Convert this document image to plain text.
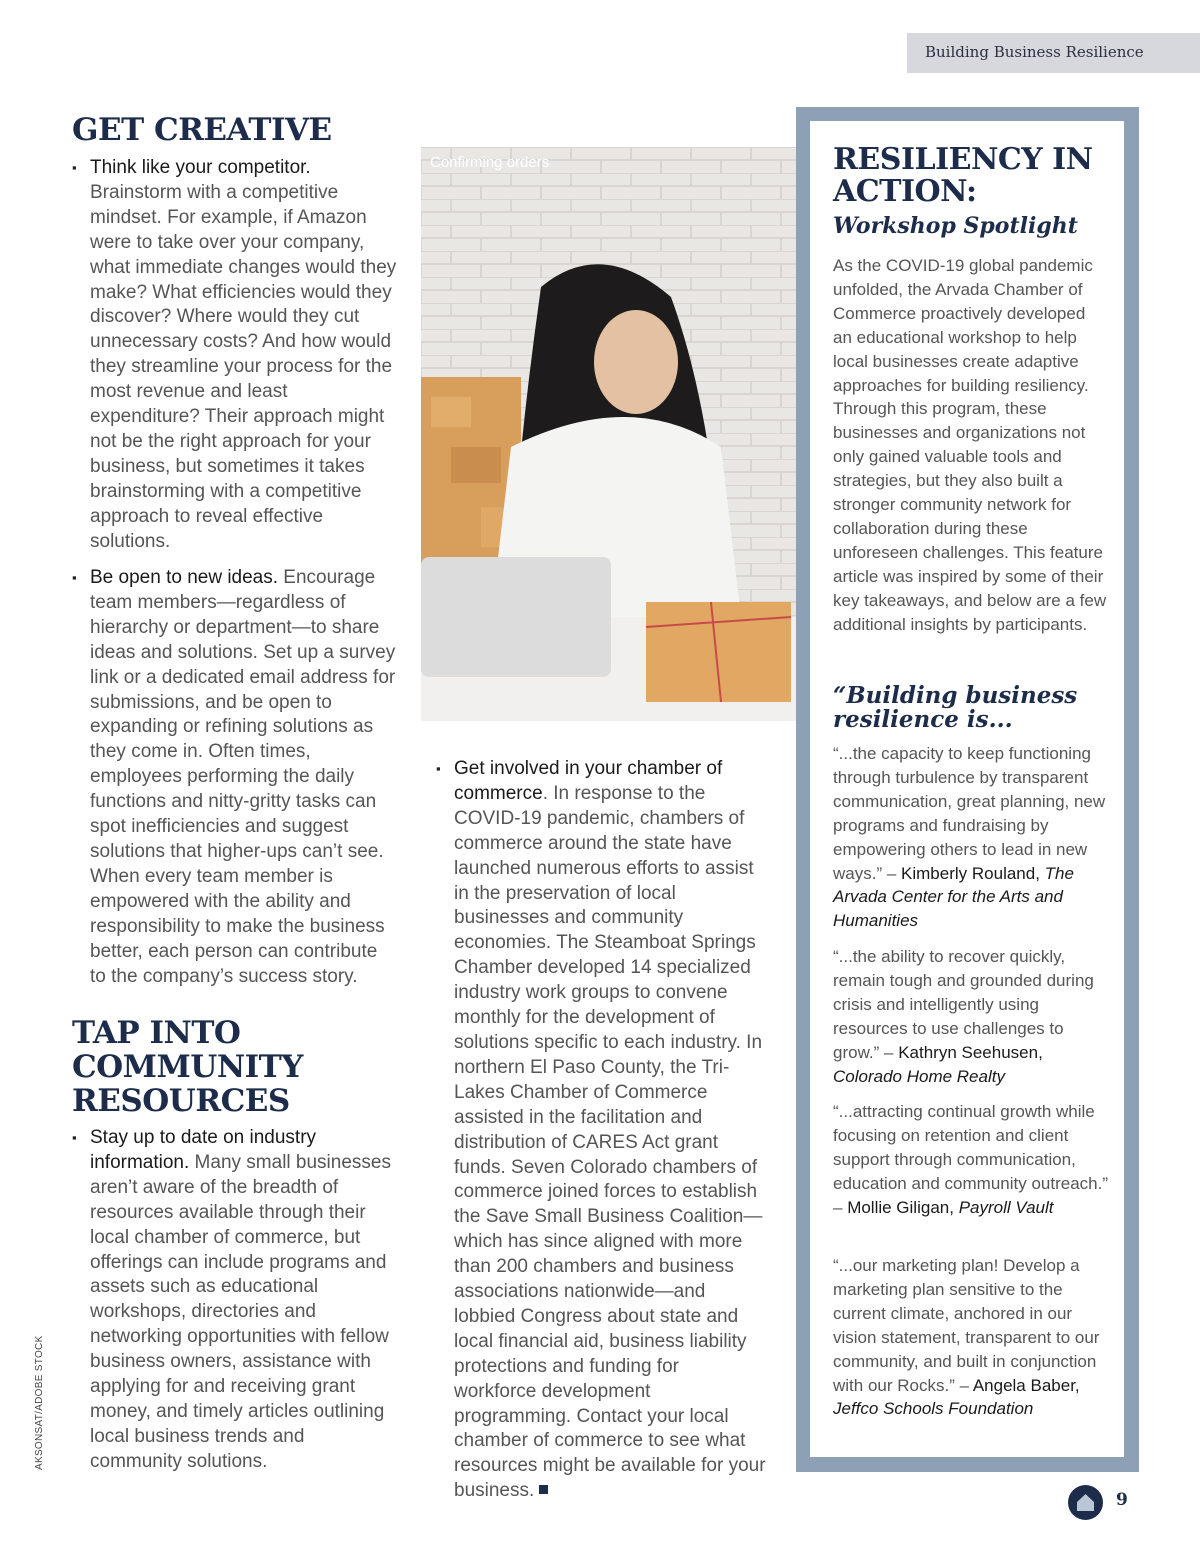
Building Business Resilience
GET CREATIVE
▪ Think like your competitor. Brainstorm with a competitive mindset. For example, if Amazon were to take over your company, what immediate changes would they make? What efficiencies would they discover? Where would they cut unnecessary costs? And how would they streamline your process for the most revenue and least expenditure? Their approach might not be the right approach for your business, but sometimes it takes brainstorming with a competitive approach to reveal effective solutions.
▪ Be open to new ideas. Encourage team members—regardless of hierarchy or department—to share ideas and solutions. Set up a survey link or a dedicated email address for submissions, and be open to expanding or refining solutions as they come in. Often times, employees performing the daily functions and nitty-gritty tasks can spot inefficiencies and suggest solutions that higher-ups can’t see. When every team member is empowered with the ability and responsibility to make the business better, each person can contribute to the company’s success story.
TAP INTO COMMUNITY RESOURCES
▪ Stay up to date on industry information. Many small businesses aren’t aware of the breadth of resources available through their local chamber of commerce, but offerings can include programs and assets such as educational workshops, directories and networking opportunities with fellow business owners, assistance with applying for and receiving grant money, and timely articles outlining local business trends and community solutions.
Confirming orders
AKSONSAT/ADOBE STOCK
▪ Get involved in your chamber of commerce. In response to the COVID-19 pandemic, chambers of commerce around the state have launched numerous efforts to assist in the preservation of local businesses and community economies. The Steamboat Springs Chamber developed 14 specialized industry work groups to convene monthly for the development of solutions specific to each industry. In northern El Paso County, the Tri-Lakes Chamber of Commerce assisted in the facilitation and distribution of CARES Act grant funds. Seven Colorado chambers of commerce joined forces to establish the Save Small Business Coalition—which has since aligned with more than 200 chambers and business associations nationwide—and lobbied Congress about state and local financial aid, business liability protections and funding for workforce development programming. Contact your local chamber of commerce to see what resources might be available for your business.
RESILIENCY IN ACTION:
Workshop Spotlight
As the COVID-19 global pandemic unfolded, the Arvada Chamber of Commerce proactively developed an educational workshop to help local businesses create adaptive approaches for building resiliency. Through this program, these businesses and organizations not only gained valuable tools and strategies, but they also built a stronger community network for collaboration during these unforeseen challenges. This feature article was inspired by some of their key takeaways, and below are a few additional insights by participants.
“Building business resilience is...
“...the capacity to keep functioning through turbulence by transparent communication, great planning, new programs and fundraising by empowering others to lead in new ways.” – Kimberly Rouland, The Arvada Center for the Arts and Humanities
“...the ability to recover quickly, remain tough and grounded during crisis and intelligently using resources to use challenges to grow.” – Kathryn Seehusen, Colorado Home Realty
“...attracting continual growth while focusing on retention and client support through communication, education and community outreach.” – Mollie Giligan, Payroll Vault
“...our marketing plan! Develop a marketing plan sensitive to the current climate, anchored in our vision statement, transparent to our community, and built in conjunction with our Rocks.” – Angela Baber, Jeffco Schools Foundation
9
